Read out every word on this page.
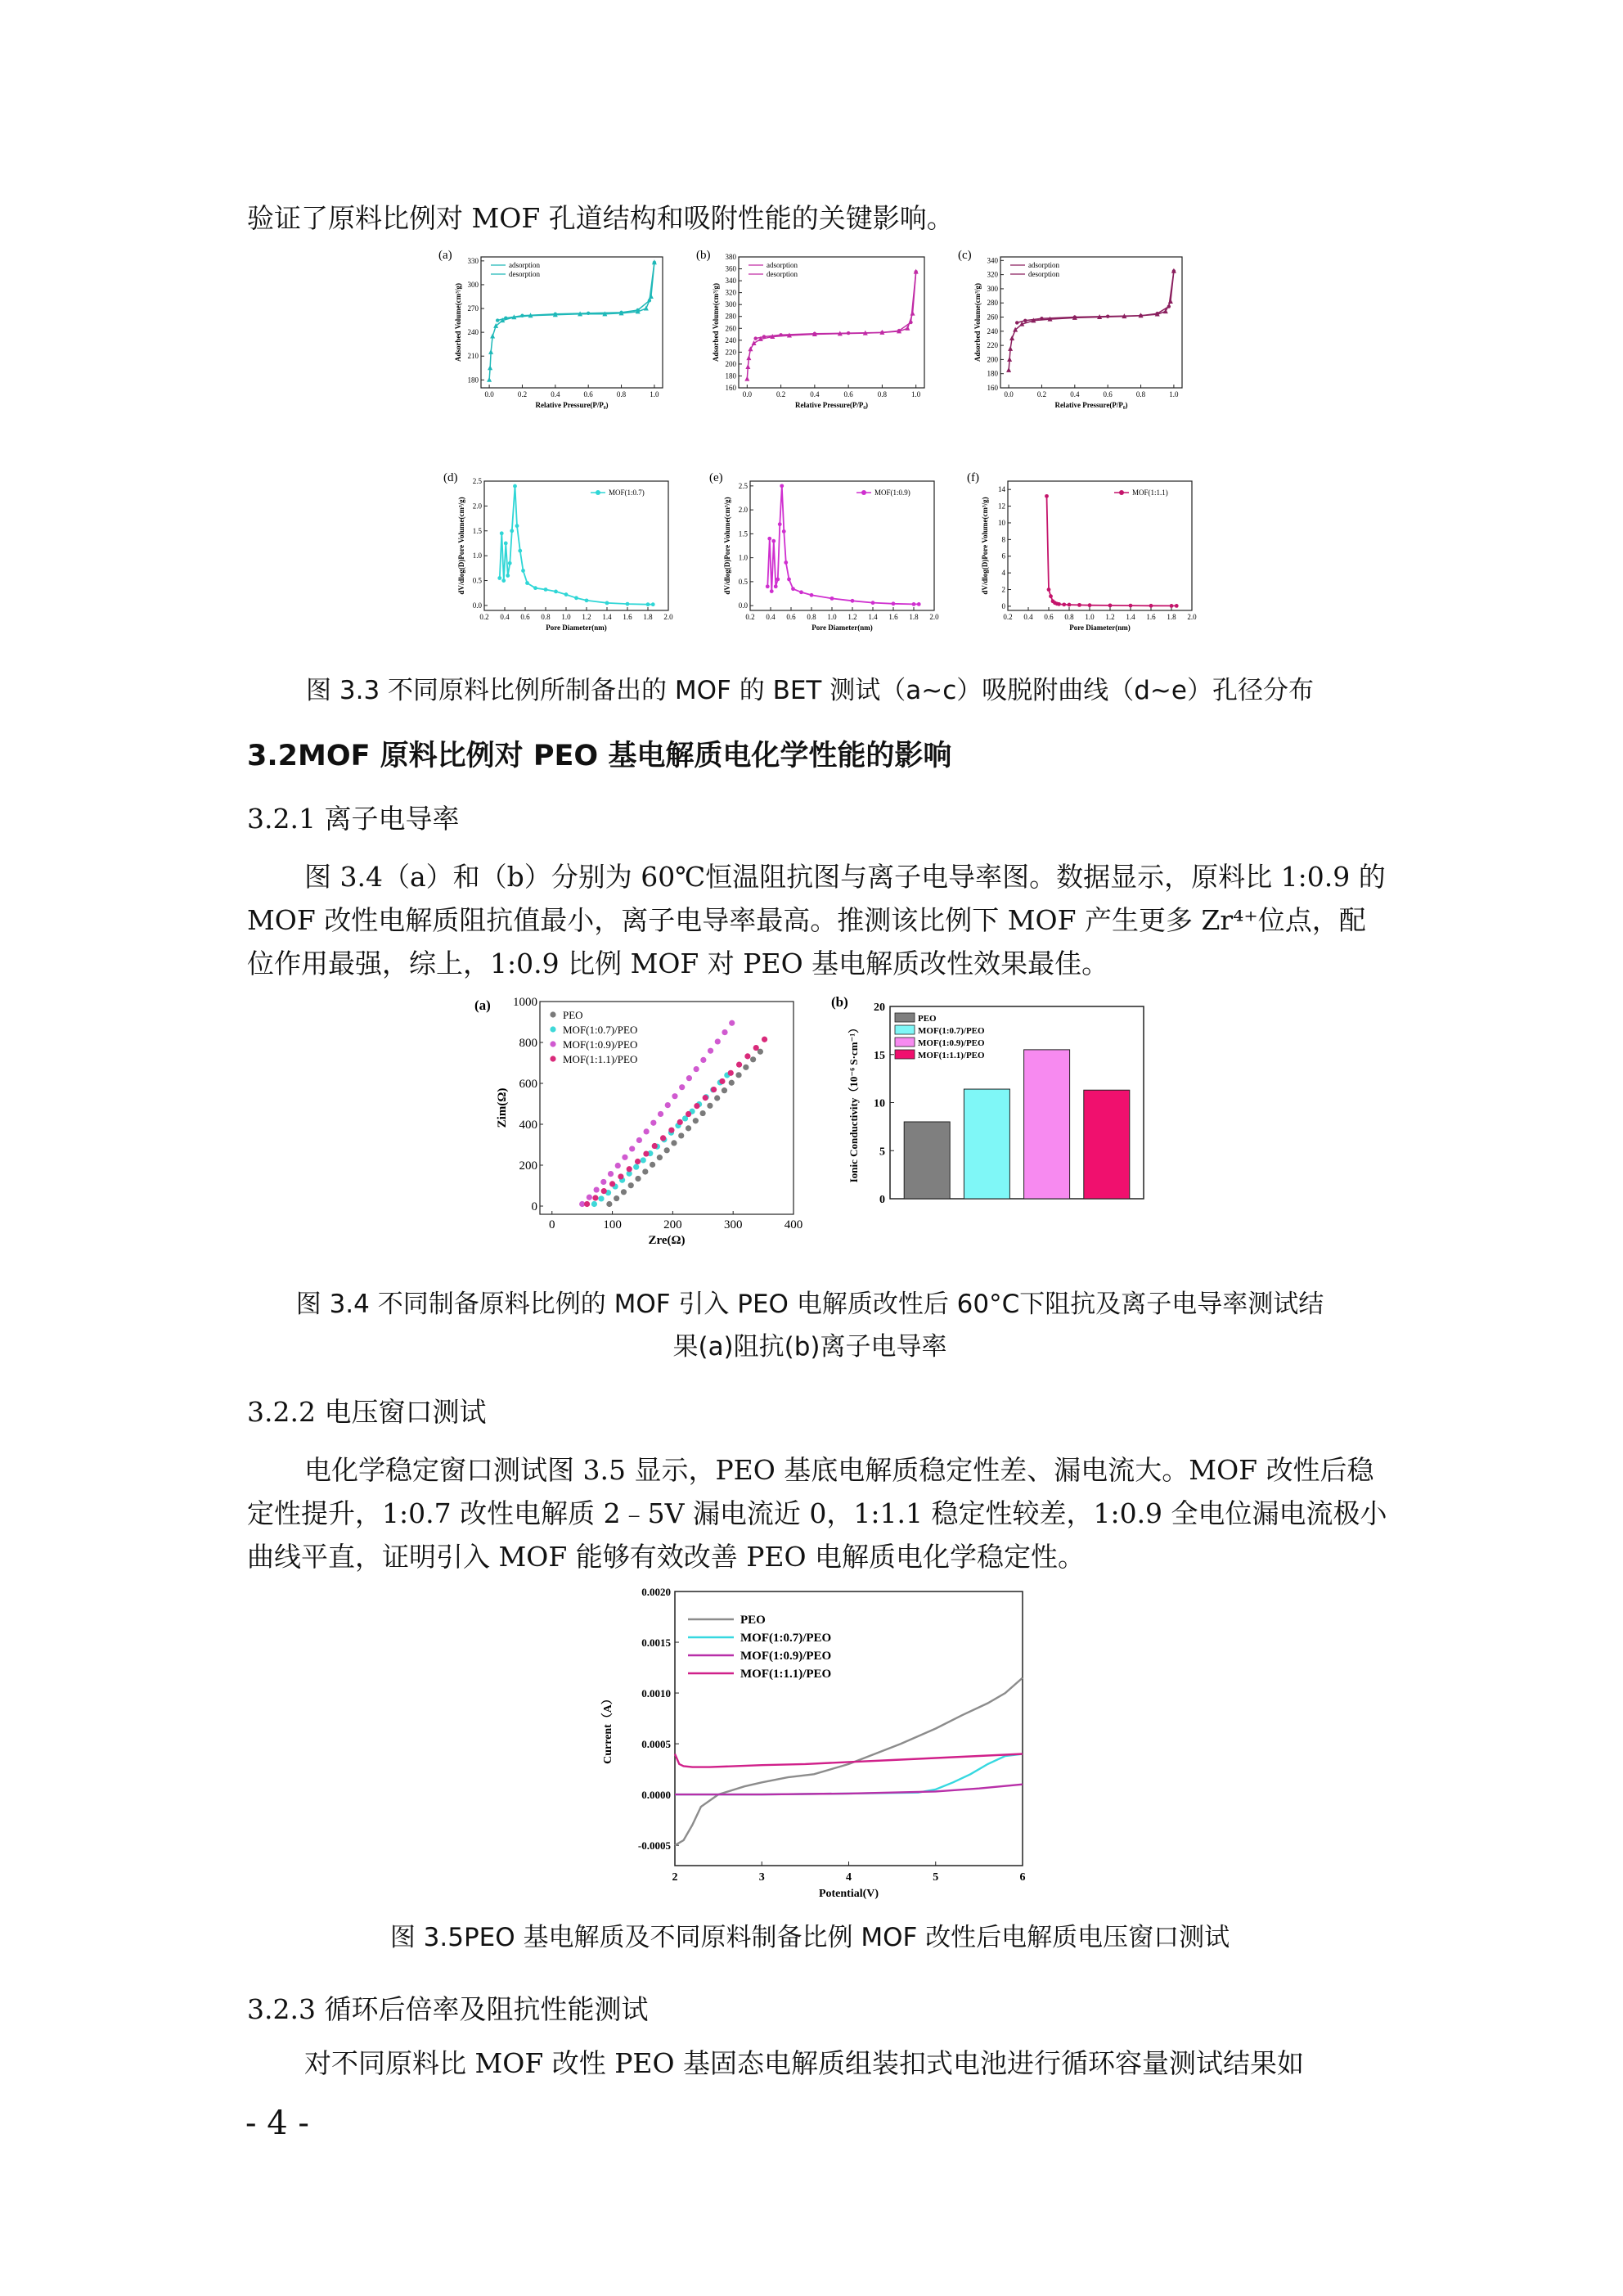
验证了原料比例对 MOF 孔道结构和吸附性能的关键影响。

0.0	0.2	0.4	0.6	0.8	1.0
180
210
240
270
300
330
Relative Pressure(P/P₀)
Adsorbed Volume(cm³/g)
(a)
adsorption
desorption
0.0	0.2	0.4	0.6	0.8	1.0
160
180
200
220
240
260
280
300
320
340
360
380
Relative Pressure(P/P₀)
Adsorbed Volume(cm³/g)
(b)
adsorption
desorption
0.0	0.2	0.4	0.6	0.8	1.0
160
180
200
220
240
260
280
300
320
340
Relative Pressure(P/P₀)
Adsorbed Volume(cm³/g)
(c)
adsorption
desorption
0.2 0.4 0.6 0.8 1.0 1.2 1.4 1.6 1.8 2.0
0.0
0.5
1.0
1.5
2.0
2.5
Pore Diameter(nm)
dV/dlog(D)Pore Volume(cm³/g)
(d)
MOF(1:0.7)
0.2 0.4 0.6 0.8 1.0 1.2 1.4 1.6 1.8 2.0
0.0
0.5
1.0
1.5
2.0
2.5
Pore Diameter(nm)
dV/dlog(D)Pore Volume(cm³/g)
(e)
MOF(1:0.9)
0.2 0.4 0.6 0.8 1.0 1.2 1.4 1.6 1.8 2.0
0
2
4
6
8
10
12
14
Pore Diameter(nm)
dV/dlog(D)Pore Volume(cm³/g)
(f)
MOF(1:1.1)

图 3.3 不同原料比例所制备出的 MOF 的 BET 测试（a~c）吸脱附曲线（d~e）孔径分布

3.2MOF 原料比例对 PEO 基电解质电化学性能的影响
3.2.1 离子电导率

图 3.4（a）和（b）分别为 60℃恒温阻抗图与离子电导率图。数据显示，原料比 1:0.9 的 MOF 改性电解质阻抗值最小，离子电导率最高。推测该比例下 MOF 产生更多 Zr⁴⁺位点，配位作用最强，综上，1:0.9 比例 MOF 对 PEO 基电解质改性效果最佳。

0	100	200	300	400
0
200
400
600
800
1000
Zre(Ω)
Zim(Ω)
(a)
PEO
MOF(1:0.7)/PEO
MOF(1:0.9)/PEO
MOF(1:1.1)/PEO
0
5
10
15
20
Ionic Conductivity（10⁻⁶ S·cm⁻¹）
(b)
PEO
MOF(1:0.7)/PEO
MOF(1:0.9)/PEO
MOF(1:1.1)/PEO

图 3.4 不同制备原料比例的 MOF 引入 PEO 电解质改性后 60°C下阻抗及离子电导率测试结

果(a)阻抗(b)离子电导率

3.2.2 电压窗口测试

电化学稳定窗口测试图 3.5 显示，PEO 基底电解质稳定性差、漏电流大。MOF 改性后稳定性提升，1:0.7 改性电解质 2﹣5V 漏电流近 0，1:1.1 稳定性较差，1:0.9 全电位漏电流极小曲线平直，证明引入 MOF 能够有效改善 PEO 电解质电化学稳定性。

2	3	4	5	6
-0.0005
0.0000
0.0005
0.0010
0.0015
0.0020
Potential(V)
Current（A）
PEO
MOF(1:0.7)/PEO
MOF(1:0.9)/PEO
MOF(1:1.1)/PEO

图 3.5PEO 基电解质及不同原料制备比例 MOF 改性后电解质电压窗口测试

3.2.3 循环后倍率及阻抗性能测试

对不同原料比 MOF 改性 PEO 基固态电解质组装扣式电池进行循环容量测试结果如

- 4 -
